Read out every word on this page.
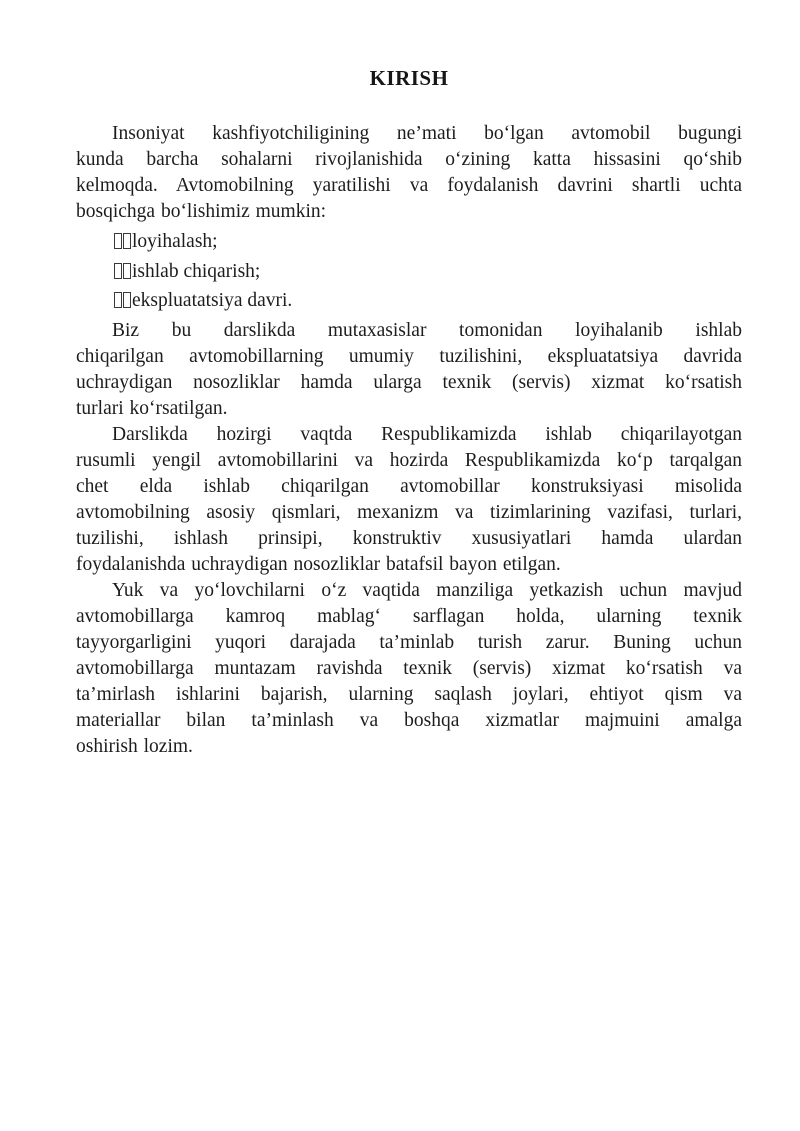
KIRISH
Insoniyat kashfiyotchiligining ne’mati boʻlgan avtomobil bugungi
kunda barcha sohalarni rivojlanishida oʻzining katta hissasini qoʻshib
kelmoqda. Avtomobilning yaratilishi va foydalanish davrini shartli uchta
bosqichga boʻlishimiz mumkin:
loyihalash;
ishlab chiqarish;
ekspluatatsiya davri.
Biz bu darslikda mutaxasislar tomonidan loyihalanib ishlab
chiqarilgan avtomobillarning umumiy tuzilishini, ekspluatatsiya davrida
uchraydigan nosozliklar hamda ularga texnik (servis) xizmat koʻrsatish
turlari koʻrsatilgan.
Darslikda hozirgi vaqtda Respublikamizda ishlab chiqarilayotgan
rusumli yengil avtomobillarini va hozirda Respublikamizda koʻp tarqalgan
chet elda ishlab chiqarilgan avtomobillar konstruksiyasi misolida
avtomobilning asosiy qismlari, mexanizm va tizimlarining vazifasi, turlari,
tuzilishi, ishlash prinsipi, konstruktiv xususiyatlari hamda ulardan
foydalanishda uchraydigan nosozliklar batafsil bayon etilgan.
Yuk va yoʻlovchilarni oʻz vaqtida manziliga yetkazish uchun mavjud
avtomobillarga kamroq mablagʻ sarflagan holda, ularning texnik
tayyorgarligini yuqori darajada ta’minlab turish zarur. Buning uchun
avtomobillarga muntazam ravishda texnik (servis) xizmat koʻrsatish va
ta’mirlash ishlarini bajarish, ularning saqlash joylari, ehtiyot qism va
materiallar bilan ta’minlash va boshqa xizmatlar majmuini amalga
oshirish lozim.
